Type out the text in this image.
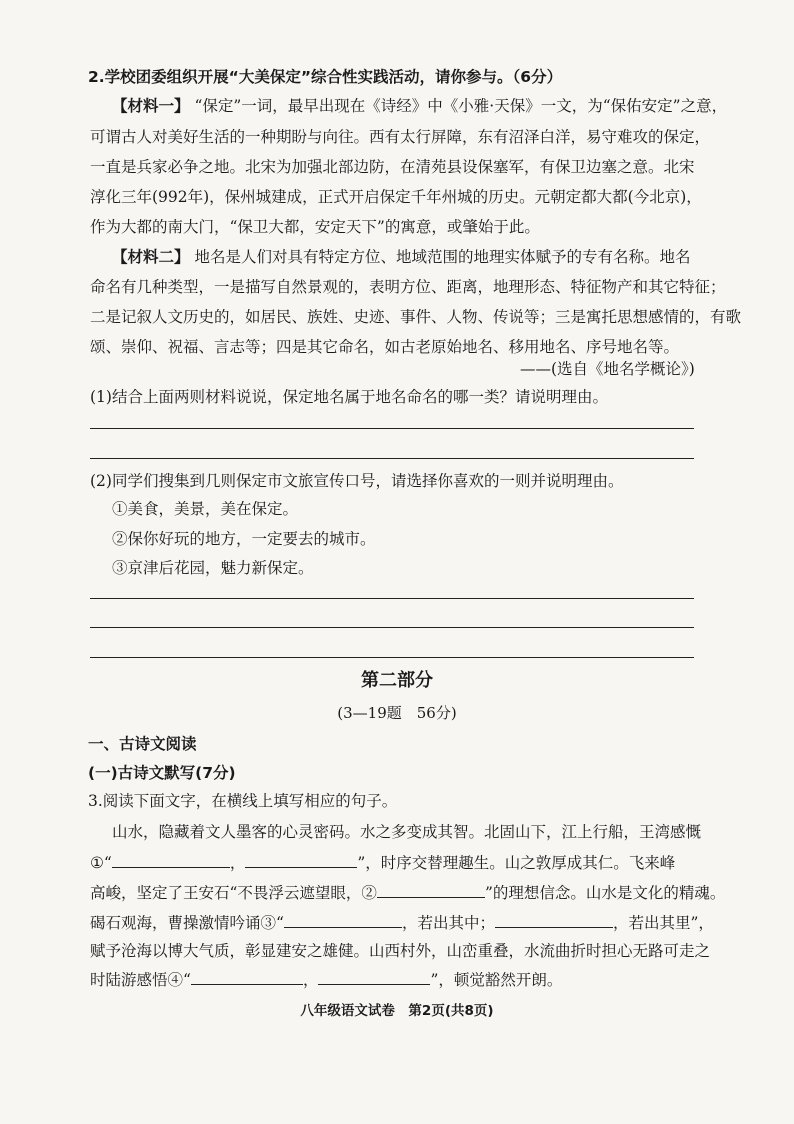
2.学校团委组织开展“大美保定”综合性实践活动，请你参与。（6分）
【材料一】 “保定”一词，最早出现在《诗经》中《小雅·天保》一文，为“保佑安定”之意，
可谓古人对美好生活的一种期盼与向往。西有太行屏障，东有沼泽白洋，易守难攻的保定，
一直是兵家必争之地。北宋为加强北部边防，在清苑县设保塞军，有保卫边塞之意。北宋
淳化三年(992年)，保州城建成，正式开启保定千年州城的历史。元朝定都大都(今北京)，
作为大都的南大门，“保卫大都，安定天下”的寓意，或肇始于此。
【材料二】 地名是人们对具有特定方位、地域范围的地理实体赋予的专有名称。地名
命名有几种类型，一是描写自然景观的，表明方位、距离，地理形态、特征物产和其它特征；
二是记叙人文历史的，如居民、族姓、史迹、事件、人物、传说等；三是寓托思想感情的，有歌
颂、崇仰、祝福、言志等；四是其它命名，如古老原始地名、移用地名、序号地名等。
——(选自《地名学概论》)
(1)结合上面两则材料说说，保定地名属于地名命名的哪一类？请说明理由。
(2)同学们搜集到几则保定市文旅宣传口号，请选择你喜欢的一则并说明理由。
①美食，美景，美在保定。
②保你好玩的地方，一定要去的城市。
③京津后花园，魅力新保定。
第二部分
(3—19题　56分)
一、古诗文阅读
(一)古诗文默写(7分)
3.阅读下面文字，在横线上填写相应的句子。
山水，隐藏着文人墨客的心灵密码。水之多变成其智。北固山下，江上行船，王湾感慨
①“	，	”，时序交替理趣生。山之敦厚成其仁。飞来峰
高峻，坚定了王安石“不畏浮云遮望眼，②	”的理想信念。山水是文化的精魂。
碣石观海，曹操激情吟诵③“	，若出其中；	，若出其里”，
赋予沧海以博大气质，彰显建安之雄健。山西村外，山峦重叠，水流曲折时担心无路可走之
时陆游感悟④“	，	”，顿觉豁然开朗。
八年级语文试卷　第2页(共8页)
